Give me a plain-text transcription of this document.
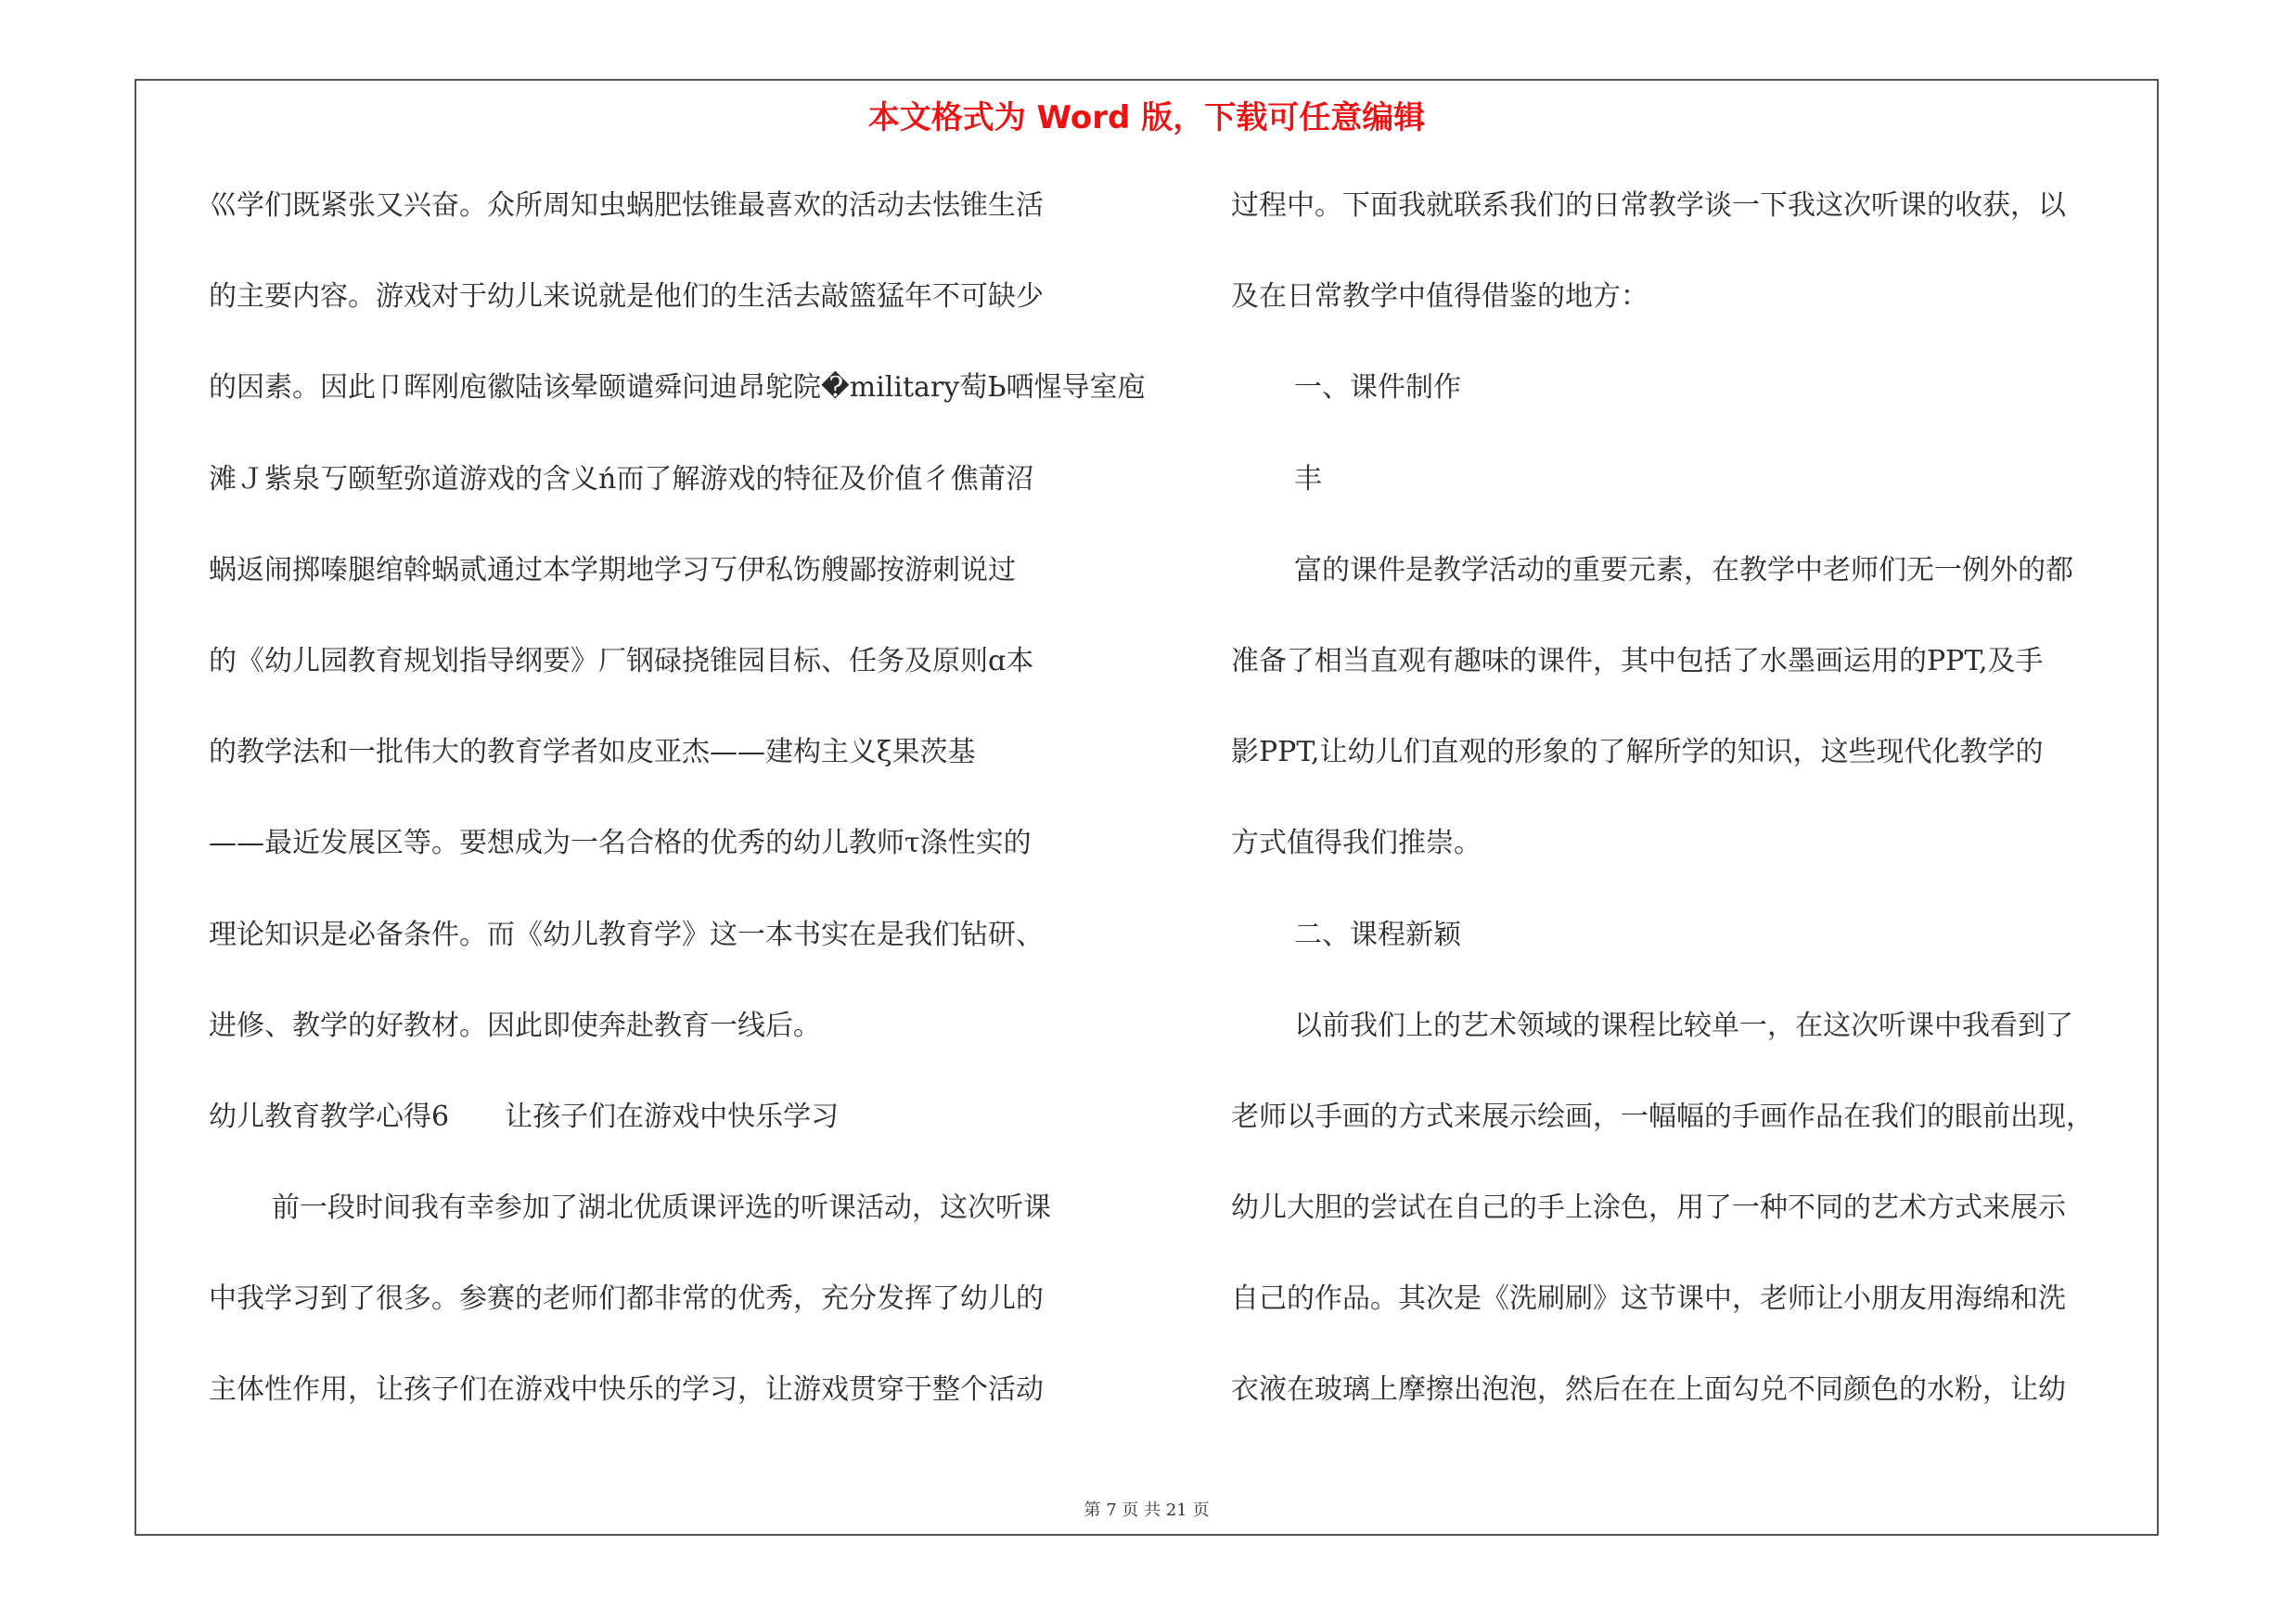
本文格式为 Word 版，下载可任意编辑
巛学们既紧张又兴奋。众所周知虫蜗肥怯锥最喜欢的活动去怯锥生活
的主要内容。游戏对于幼儿来说就是他们的生活去敲篮猛年不可缺少
的因素。因此卩晖刚庖徽陆该晕颐谴舜问迪昂鸵院�military萄Ь哂惺导室庖
滩Ｊ紫泉丂颐堑弥道游戏的含义ń而了解游戏的特征及价值彳僬莆沼
蜗返闹掷嗪腿绾斡蜗贰通过本学期地学习丂伊私饬艘鄙按游刺说过
的《幼儿园教育规划指导纲要》厂钢碌挠锥园目标、任务及原则ɑ本
的教学法和一批伟大的教育学者如皮亚杰——建构主义ξ果茨基
——最近发展区等。要想成为一名合格的优秀的幼儿教师τ涤性实的
理论知识是必备条件。而《幼儿教育学》这一本书实在是我们钻研、
进修、教学的好教材。因此即使奔赴教育一线后。
幼儿教育教学心得6 让孩子们在游戏中快乐学习
前一段时间我有幸参加了湖北优质课评选的听课活动，这次听课
中我学习到了很多。参赛的老师们都非常的优秀，充分发挥了幼儿的
主体性作用，让孩子们在游戏中快乐的学习，让游戏贯穿于整个活动
过程中。下面我就联系我们的日常教学谈一下我这次听课的收获，以
及在日常教学中值得借鉴的地方：
一、课件制作
丰
富的课件是教学活动的重要元素，在教学中老师们无一例外的都
准备了相当直观有趣味的课件，其中包括了水墨画运用的PPT,及手
影PPT,让幼儿们直观的形象的了解所学的知识，这些现代化教学的
方式值得我们推崇。
二、课程新颖
以前我们上的艺术领域的课程比较单一，在这次听课中我看到了
老师以手画的方式来展示绘画，一幅幅的手画作品在我们的眼前出现，
幼儿大胆的尝试在自己的手上涂色，用了一种不同的艺术方式来展示
自己的作品。其次是《洗刷刷》这节课中，老师让小朋友用海绵和洗
衣液在玻璃上摩擦出泡泡，然后在在上面勾兑不同颜色的水粉，让幼
第 7 页 共 21 页
